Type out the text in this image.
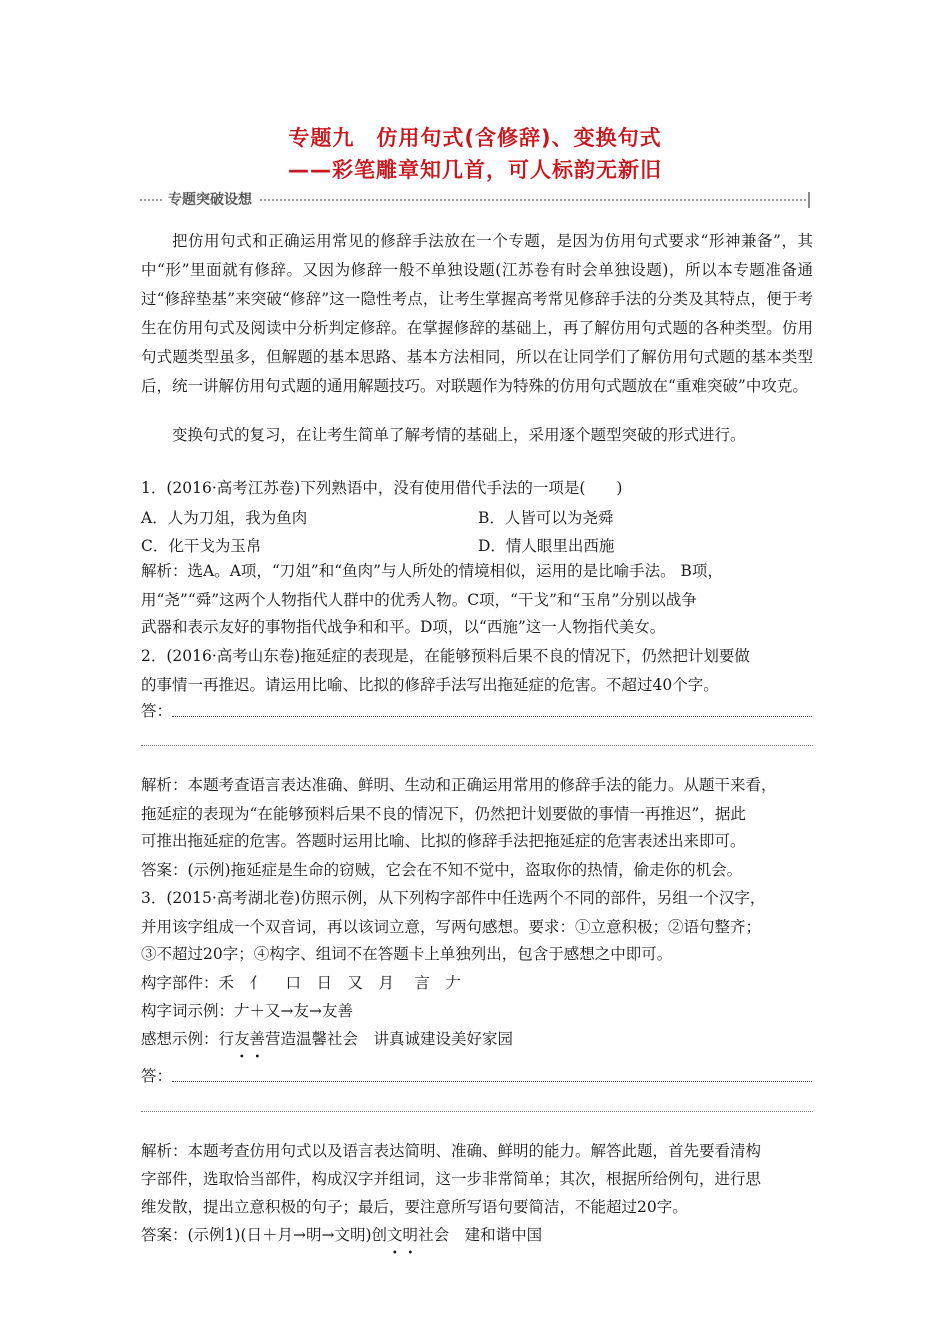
专题九　仿用句式(含修辞)、变换句式
——彩笔雕章知几首，可人标韵无新旧
专题突破设想
把仿用句式和正确运用常见的修辞手法放在一个专题，是因为仿用句式要求“形神兼备”，其中“形”里面就有修辞。又因为修辞一般不单独设题(江苏卷有时会单独设题)，所以本专题准备通过“修辞垫基”来突破“修辞”这一隐性考点，让考生掌握高考常见修辞手法的分类及其特点，便于考生在仿用句式及阅读中分析判定修辞。在掌握修辞的基础上，再了解仿用句式题的各种类型。仿用句式题类型虽多，但解题的基本思路、基本方法相同，所以在让同学们了解仿用句式题的基本类型后，统一讲解仿用句式题的通用解题技巧。对联题作为特殊的仿用句式题放在“重难突破”中攻克。
变换句式的复习，在让考生简单了解考情的基础上，采用逐个题型突破的形式进行。
1．(2016·高考江苏卷)下列熟语中，没有使用借代手法的一项是(　　)
A．人为刀俎，我为鱼肉	B．人皆可以为尧舜
C．化干戈为玉帛	D．情人眼里出西施
解析：选A。A项，“刀俎”和“鱼肉”与人所处的情境相似，运用的是比喻手法。 B项，
用“尧”“舜”这两个人物指代人群中的优秀人物。C项，“干戈”和“玉帛”分别以战争
武器和表示友好的事物指代战争和和平。D项，以“西施”这一人物指代美女。
2．(2016·高考山东卷)拖延症的表现是，在能够预料后果不良的情况下，仍然把计划要做
的事情一再推迟。请运用比喻、比拟的修辞手法写出拖延症的危害。不超过40个字。
答：
解析：本题考查语言表达准确、鲜明、生动和正确运用常用的修辞手法的能力。从题干来看，
拖延症的表现为“在能够预料后果不良的情况下，仍然把计划要做的事情一再推迟”，据此
可推出拖延症的危害。答题时运用比喻、比拟的修辞手法把拖延症的危害表述出来即可。
答案：(示例)拖延症是生命的窃贼，它会在不知不觉中，盗取你的热情，偷走你的机会。
3．(2015·高考湖北卷)仿照示例，从下列构字部件中任选两个不同的部件，另组一个汉字，
并用该字组成一个双音词，再以该词立意，写两句感想。要求：①立意积极；②语句整齐；
③不超过20字；④构字、组词不在答题卡上单独列出，包含于感想之中即可。
构字部件：禾　亻　 口　日　又　月　 言　𠂇
构字词示例：𠂇＋又→友→友善
感想示例：行友善营造温馨社会　讲真诚建设美好家园
答：
解析：本题考查仿用句式以及语言表达简明、准确、鲜明的能力。解答此题，首先要看清构
字部件，选取恰当部件，构成汉字并组词，这一步非常简单；其次，根据所给例句，进行思
维发散，提出立意积极的句子；最后，要注意所写语句要简洁，不能超过20字。
答案：(示例1)(日＋月→明→文明)创文明社会　建和谐中国
